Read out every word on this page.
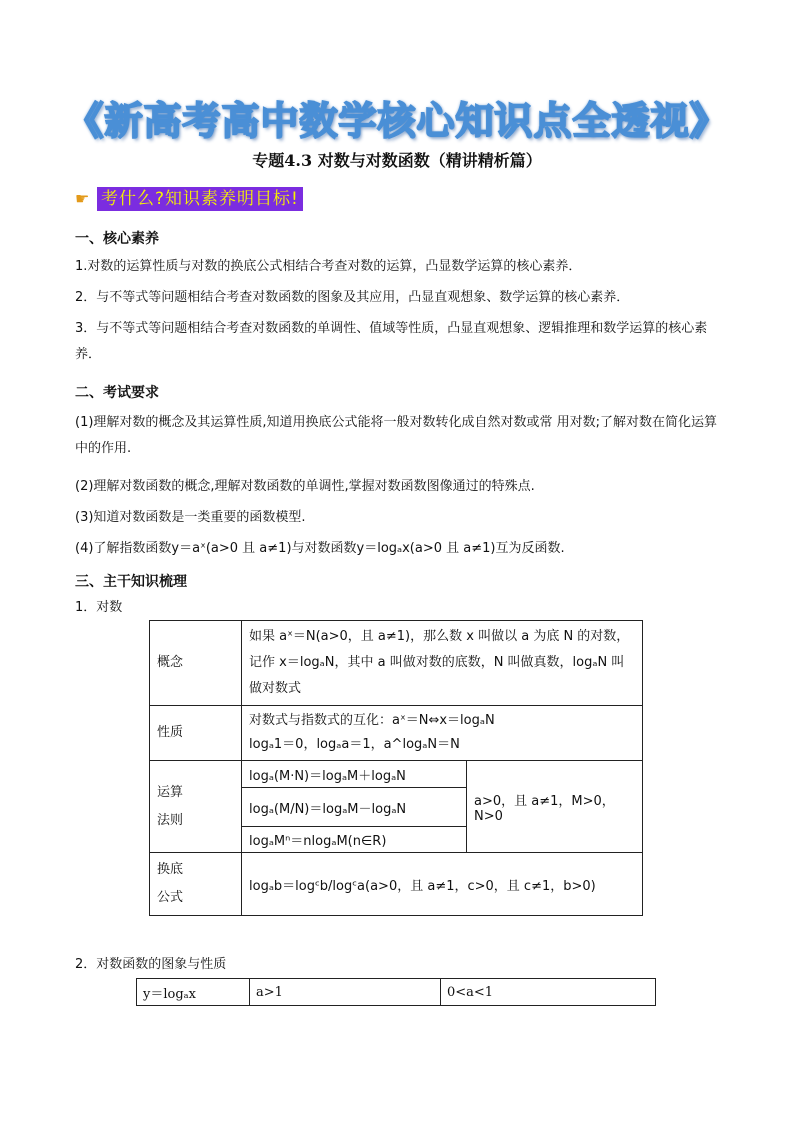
《新高考高中数学核心知识点全透视》
专题4.3 对数与对数函数（精讲精析篇）
☛ 考什么?知识素养明目标!
一、核心素养
1.对数的运算性质与对数的换底公式相结合考查对数的运算，凸显数学运算的核心素养．
2．与不等式等问题相结合考查对数函数的图象及其应用，凸显直观想象、数学运算的核心素养．
3．与不等式等问题相结合考查对数函数的单调性、值域等性质，凸显直观想象、逻辑推理和数学运算的核心素养．
二、考试要求
(1)理解对数的概念及其运算性质,知道用换底公式能将一般对数转化成自然对数或常 用对数;了解对数在简化运算中的作用.
(2)理解对数函数的概念,理解对数函数的单调性,掌握对数函数图像通过的特殊点.
(3)知道对数函数是一类重要的函数模型.
(4)了解指数函数y＝aˣ(a>0 且 a≠1)与对数函数y＝logₐx(a>0 且 a≠1)互为反函数.
三、主干知识梳理
1．对数
概念	如果 aˣ＝N(a>0，且 a≠1)，那么数 x 叫做以 a 为底 N 的对数，记作 x＝logₐN，其中 a 叫做对数的底数，N 叫做真数，logₐN 叫做对数式	
性质	对数式与指数式的互化：aˣ＝N⇔x＝logₐN
logₐ1＝0，logₐa＝1，a^logₐN＝N	

运算
法则	logₐ(M·N)＝logₐM＋logₐN	a>0，且 a≠1，M>0，N>0
	logₐ(M/N)＝logₐM－logₐN	
	logₐMⁿ＝nlogₐM(n∈R)	

换底
公式	logₐb＝logᶜb/logᶜa(a>0，且 a≠1，c>0，且 c≠1，b>0)	
2．对数函数的图象与性质
y＝logₐx	a>1	0<a<1
